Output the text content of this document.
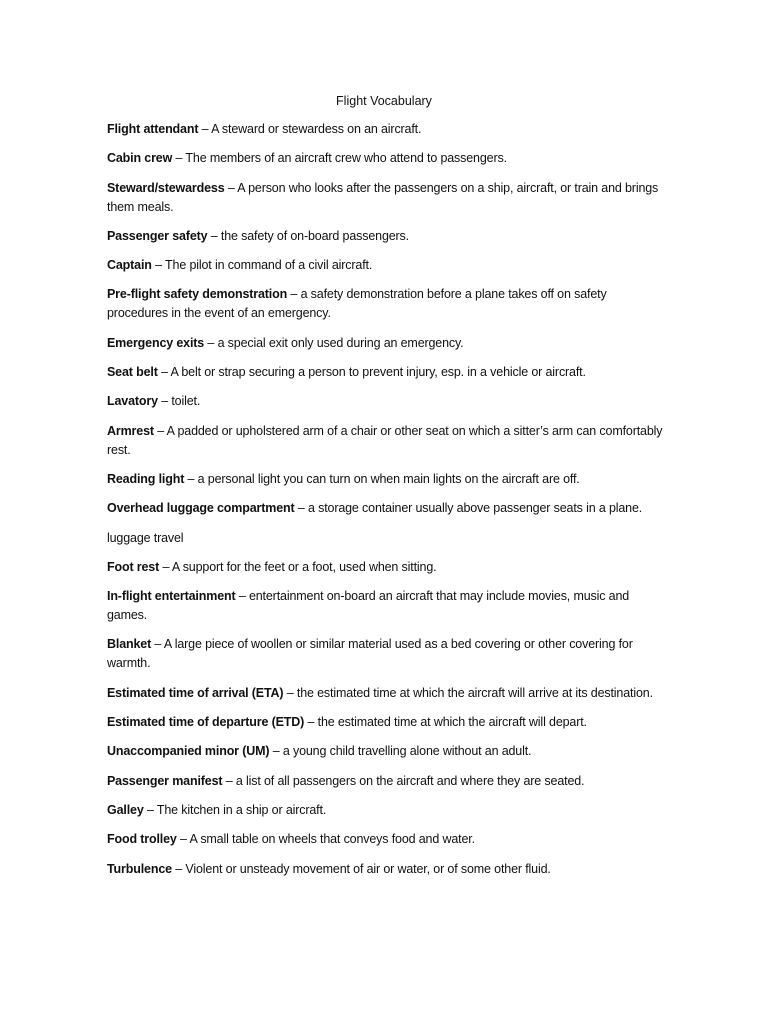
Flight Vocabulary

Flight attendant – A steward or stewardess on an aircraft.

Cabin crew – The members of an aircraft crew who attend to passengers.

Steward/stewardess – A person who looks after the passengers on a ship, aircraft, or train and brings them meals.

Passenger safety – the safety of on-board passengers.

Captain – The pilot in command of a civil aircraft.

Pre-flight safety demonstration – a safety demonstration before a plane takes off on safety procedures in the event of an emergency.

Emergency exits – a special exit only used during an emergency.

Seat belt – A belt or strap securing a person to prevent injury, esp. in a vehicle or aircraft.

Lavatory – toilet.

Armrest – A padded or upholstered arm of a chair or other seat on which a sitter’s arm can comfortably rest.

Reading light – a personal light you can turn on when main lights on the aircraft are off.

Overhead luggage compartment – a storage container usually above passenger seats in a plane.

luggage travel

Foot rest – A support for the feet or a foot, used when sitting.

In-flight entertainment – entertainment on-board an aircraft that may include movies, music and games.

Blanket – A large piece of woollen or similar material used as a bed covering or other covering for warmth.

Estimated time of arrival (ETA) – the estimated time at which the aircraft will arrive at its destination.

Estimated time of departure (ETD) – the estimated time at which the aircraft will depart.

Unaccompanied minor (UM) – a young child travelling alone without an adult.

Passenger manifest – a list of all passengers on the aircraft and where they are seated.

Galley – The kitchen in a ship or aircraft.

Food trolley – A small table on wheels that conveys food and water.

Turbulence – Violent or unsteady movement of air or water, or of some other fluid.
